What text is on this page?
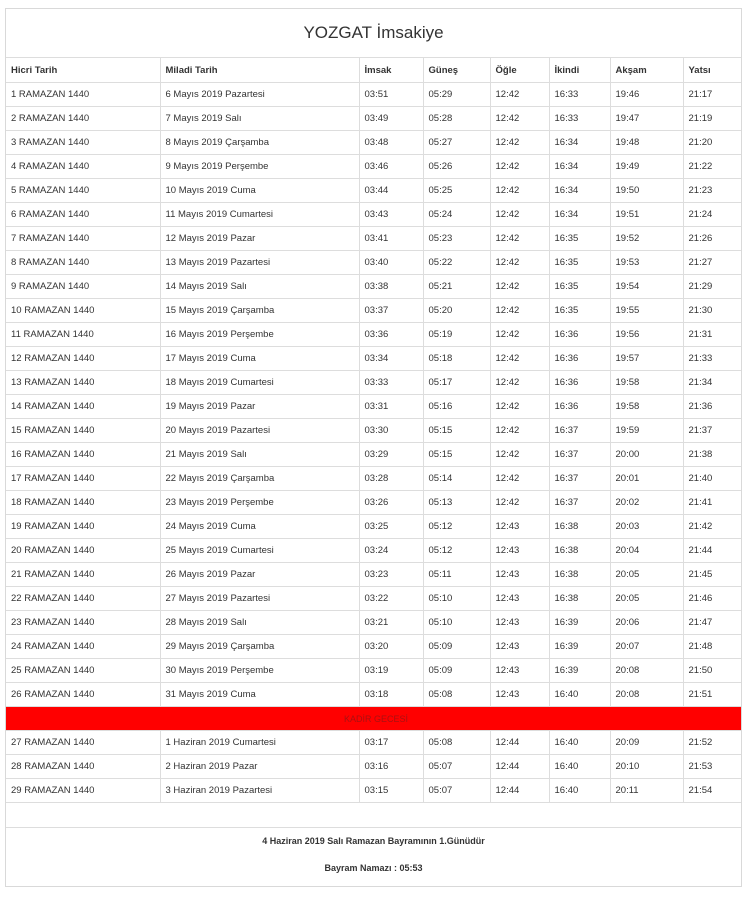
YOZGAT İmsakiye
Hicri Tarih	Miladi Tarih	İmsak	Güneş	Öğle	İkindi	Akşam	Yatsı
1 RAMAZAN 1440	6 Mayıs 2019 Pazartesi	03:51	05:29	12:42	16:33	19:46	21:17
2 RAMAZAN 1440	7 Mayıs 2019 Salı	03:49	05:28	12:42	16:33	19:47	21:19
3 RAMAZAN 1440	8 Mayıs 2019 Çarşamba	03:48	05:27	12:42	16:34	19:48	21:20
4 RAMAZAN 1440	9 Mayıs 2019 Perşembe	03:46	05:26	12:42	16:34	19:49	21:22
5 RAMAZAN 1440	10 Mayıs 2019 Cuma	03:44	05:25	12:42	16:34	19:50	21:23
6 RAMAZAN 1440	11 Mayıs 2019 Cumartesi	03:43	05:24	12:42	16:34	19:51	21:24
7 RAMAZAN 1440	12 Mayıs 2019 Pazar	03:41	05:23	12:42	16:35	19:52	21:26
8 RAMAZAN 1440	13 Mayıs 2019 Pazartesi	03:40	05:22	12:42	16:35	19:53	21:27
9 RAMAZAN 1440	14 Mayıs 2019 Salı	03:38	05:21	12:42	16:35	19:54	21:29
10 RAMAZAN 1440	15 Mayıs 2019 Çarşamba	03:37	05:20	12:42	16:35	19:55	21:30
11 RAMAZAN 1440	16 Mayıs 2019 Perşembe	03:36	05:19	12:42	16:36	19:56	21:31
12 RAMAZAN 1440	17 Mayıs 2019 Cuma	03:34	05:18	12:42	16:36	19:57	21:33
13 RAMAZAN 1440	18 Mayıs 2019 Cumartesi	03:33	05:17	12:42	16:36	19:58	21:34
14 RAMAZAN 1440	19 Mayıs 2019 Pazar	03:31	05:16	12:42	16:36	19:58	21:36
15 RAMAZAN 1440	20 Mayıs 2019 Pazartesi	03:30	05:15	12:42	16:37	19:59	21:37
16 RAMAZAN 1440	21 Mayıs 2019 Salı	03:29	05:15	12:42	16:37	20:00	21:38
17 RAMAZAN 1440	22 Mayıs 2019 Çarşamba	03:28	05:14	12:42	16:37	20:01	21:40
18 RAMAZAN 1440	23 Mayıs 2019 Perşembe	03:26	05:13	12:42	16:37	20:02	21:41
19 RAMAZAN 1440	24 Mayıs 2019 Cuma	03:25	05:12	12:43	16:38	20:03	21:42
20 RAMAZAN 1440	25 Mayıs 2019 Cumartesi	03:24	05:12	12:43	16:38	20:04	21:44
21 RAMAZAN 1440	26 Mayıs 2019 Pazar	03:23	05:11	12:43	16:38	20:05	21:45
22 RAMAZAN 1440	27 Mayıs 2019 Pazartesi	03:22	05:10	12:43	16:38	20:05	21:46
23 RAMAZAN 1440	28 Mayıs 2019 Salı	03:21	05:10	12:43	16:39	20:06	21:47
24 RAMAZAN 1440	29 Mayıs 2019 Çarşamba	03:20	05:09	12:43	16:39	20:07	21:48
25 RAMAZAN 1440	30 Mayıs 2019 Perşembe	03:19	05:09	12:43	16:39	20:08	21:50
26 RAMAZAN 1440	31 Mayıs 2019 Cuma	03:18	05:08	12:43	16:40	20:08	21:51
KADİR GECESİ							
27 RAMAZAN 1440	1 Haziran 2019 Cumartesi	03:17	05:08	12:44	16:40	20:09	21:52
28 RAMAZAN 1440	2 Haziran 2019 Pazar	03:16	05:07	12:44	16:40	20:10	21:53
29 RAMAZAN 1440	3 Haziran 2019 Pazartesi	03:15	05:07	12:44	16:40	20:11	21:54
4 Haziran 2019 Salı Ramazan Bayramının 1.Günüdür
Bayram Namazı : 05:53
